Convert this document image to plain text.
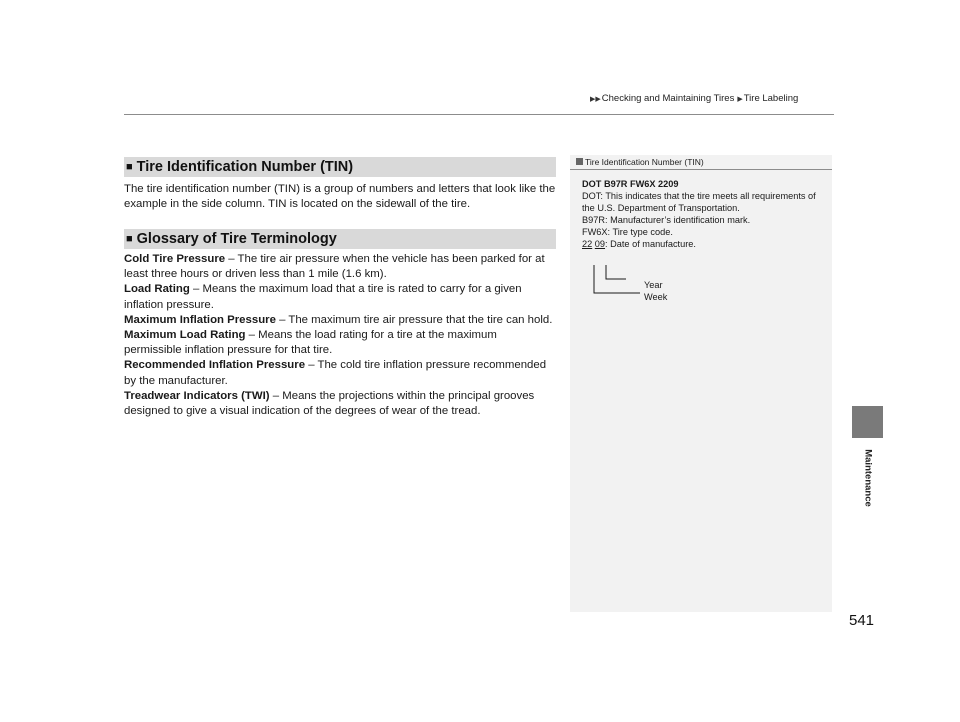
▶▶Checking and Maintaining Tires ▶Tire Labeling
■ Tire Identification Number (TIN)
The tire identification number (TIN) is a group of numbers and letters that look like the example in the side column. TIN is located on the sidewall of the tire.
■ Glossary of Tire Terminology
Cold Tire Pressure – The tire air pressure when the vehicle has been parked for at least three hours or driven less than 1 mile (1.6 km).
Load Rating – Means the maximum load that a tire is rated to carry for a given inflation pressure.
Maximum Inflation Pressure – The maximum tire air pressure that the tire can hold.
Maximum Load Rating – Means the load rating for a tire at the maximum permissible inflation pressure for that tire.
Recommended Inflation Pressure – The cold tire inflation pressure recommended by the manufacturer.
Treadwear Indicators (TWI) – Means the projections within the principal grooves designed to give a visual indication of the degrees of wear of the tread.
Tire Identification Number (TIN)
DOT B97R FW6X 2209
DOT: This indicates that the tire meets all requirements of the U.S. Department of Transportation.
B97R: Manufacturer’s identification mark.
FW6X: Tire type code.
22 09: Date of manufacture.
Year
Week
Maintenance
541
